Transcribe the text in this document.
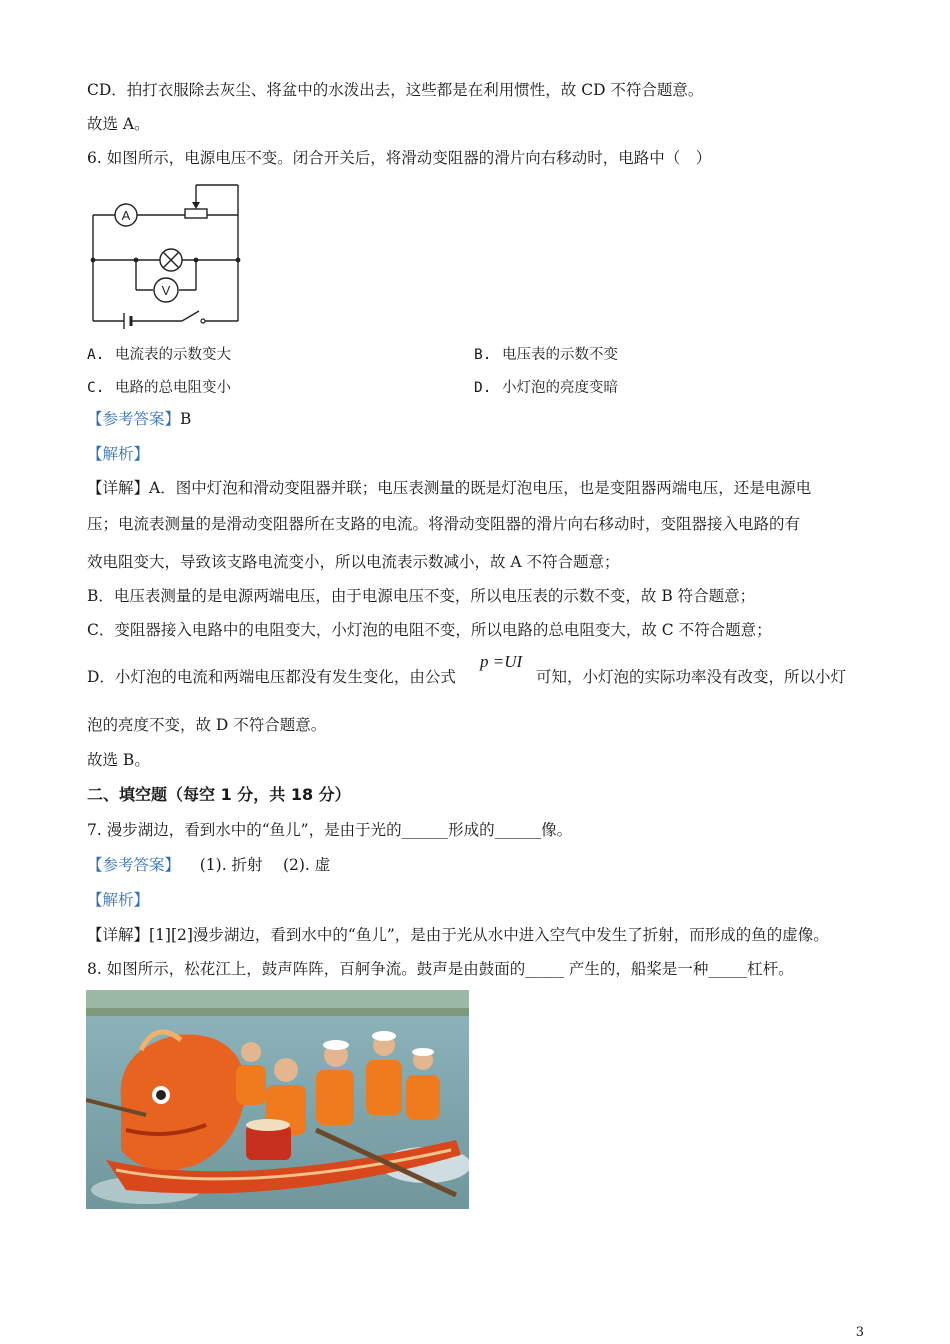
CD．拍打衣服除去灰尘、将盆中的水泼出去，这些都是在利用惯性，故 CD 不符合题意。
故选 A。
6. 如图所示，电源电压不变。闭合开关后，将滑动变阻器的滑片向右移动时，电路中（　）
A
V
A. 电流表的示数变大	B. 电压表的示数不变
C. 电路的总电阻变小	D. 小灯泡的亮度变暗
【参考答案】B
【解析】
【详解】A．图中灯泡和滑动变阻器并联；电压表测量的既是灯泡电压，也是变阻器两端电压，还是电源电
压；电流表测量的是滑动变阻器所在支路的电流。将滑动变阻器的滑片向右移动时，变阻器接入电路的有
效电阻变大，导致该支路电流变小，所以电流表示数减小，故 A 不符合题意；
B．电压表测量的是电源两端电压，由于电源电压不变，所以电压表的示数不变，故 B 符合题意；
C．变阻器接入电路中的电阻变大，小灯泡的电阻不变，所以电路的总电阻变大，故 C 不符合题意；
D．小灯泡的电流和两端电压都没有发生变化，由公式
p =UI
可知，小灯泡的实际功率没有改变，所以小灯
泡的亮度不变，故 D 不符合题意。
故选 B。
二、填空题（每空 1 分，共 18 分）
7. 漫步湖边，看到水中的“鱼儿”，是由于光的______形成的______像。
【参考答案】 (1). 折射　 (2). 虚
【解析】
【详解】[1][2]漫步湖边，看到水中的“鱼儿”，是由于光从水中进入空气中发生了折射，而形成的鱼的虚像。
8. 如图所示，松花江上，鼓声阵阵，百舸争流。鼓声是由鼓面的_____ 产生的，船桨是一种_____杠杆。
3
